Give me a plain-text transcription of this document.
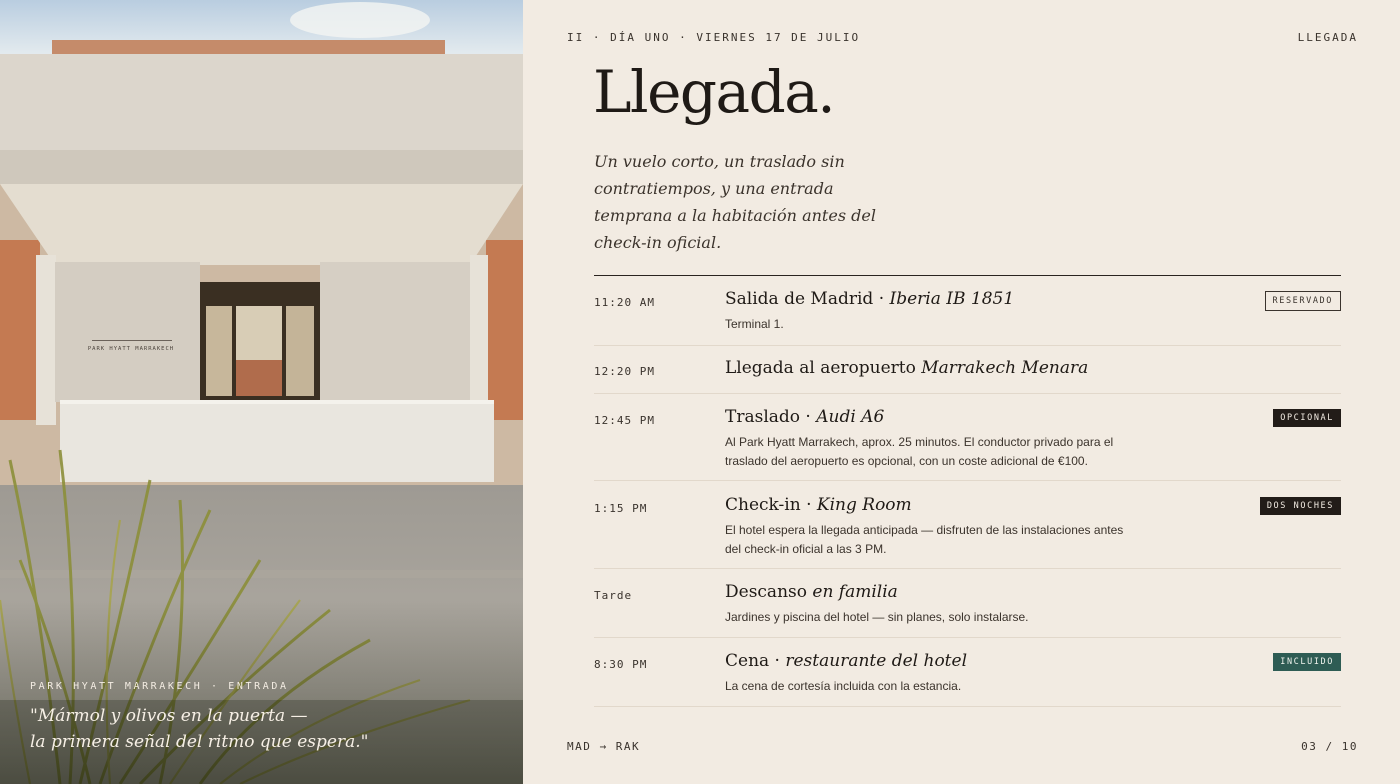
PARK HYATT MARRAKECH
PARK HYATT MARRAKECH · ENTRADA
"Mármol y olivos en la puerta —
la primera señal del ritmo que espera."
II · DÍA UNO · VIERNES 17 DE JULIO	LLEGADA
Llegada.

Un vuelo corto, un traslado sin contratiempos, y una entrada temprana a la habitación antes del check-in oficial.

11:20 AM	Salida de Madrid · Iberia IB 1851
Terminal 1.
RESERVADO
12:20 PM	Llegada al aeropuerto Marrakech Menara
12:45 PM	Traslado · Audi A6
Al Park Hyatt Marrakech, aprox. 25 minutos. El conductor privado para el traslado del aeropuerto es opcional, con un coste adicional de €100.
OPCIONAL
1:15 PM	Check-in · King Room
El hotel espera la llegada anticipada — disfruten de las instalaciones antes del check-in oficial a las 3 PM.
DOS NOCHES
Tarde	Descanso en familia
Jardines y piscina del hotel — sin planes, solo instalarse.
8:30 PM	Cena · restaurante del hotel
La cena de cortesía incluida con la estancia.
INCLUIDO
MAD → RAK	03 / 10
